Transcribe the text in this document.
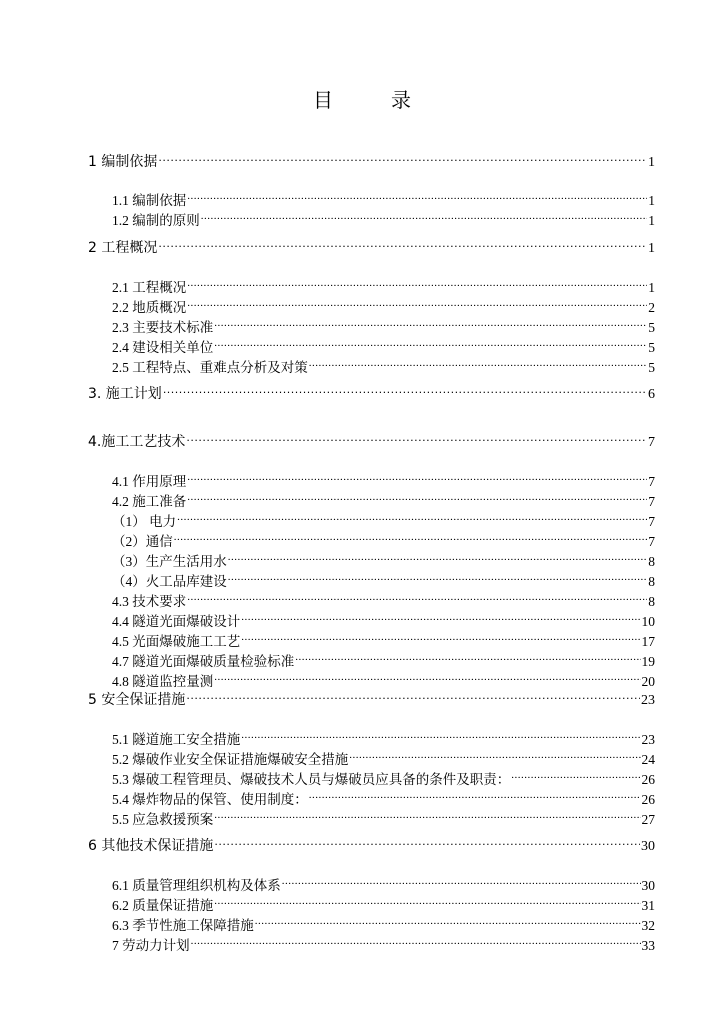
目	录
1 编制依据 .....	1
1.1 编制依据 .....	1
1.2 编制的原则 .....	1
2 工程概况 .....	1
2.1 工程概况 .....	1
2.2 地质概况 .....	2
2.3 主要技术标准 .....	5
2.4 建设相关单位 .....	5
2.5 工程特点、重难点分析及对策 .....	5
3. 施工计划 .....	6
4.施工工艺技术 .....	7
4.1 作用原理 .....	7
4.2 施工准备 .....	7
（1） 电力 .....	7
（2）通信 .....	7
（3）生产生活用水 .....	8
（4）火工品库建设 .....	8
4.3 技术要求 .....	8
4.4 隧道光面爆破设计 .....	10
4.5 光面爆破施工工艺 .....	17
4.7 隧道光面爆破质量检验标准 .....	19
4.8 隧道监控量测 .....	20
5 安全保证措施 .....	23
5.1 隧道施工安全措施 .....	23
5.2 爆破作业安全保证措施爆破安全措施 .....	24
5.3 爆破工程管理员、爆破技术人员与爆破员应具备的条件及职责： .....	26
5.4 爆炸物品的保管、使用制度： .....	26
5.5 应急救援预案 .....	27
6 其他技术保证措施 .....	30
6.1 质量管理组织机构及体系 .....	30
6.2 质量保证措施 .....	31
6.3 季节性施工保障措施 .....	32
7 劳动力计划 .....	33
